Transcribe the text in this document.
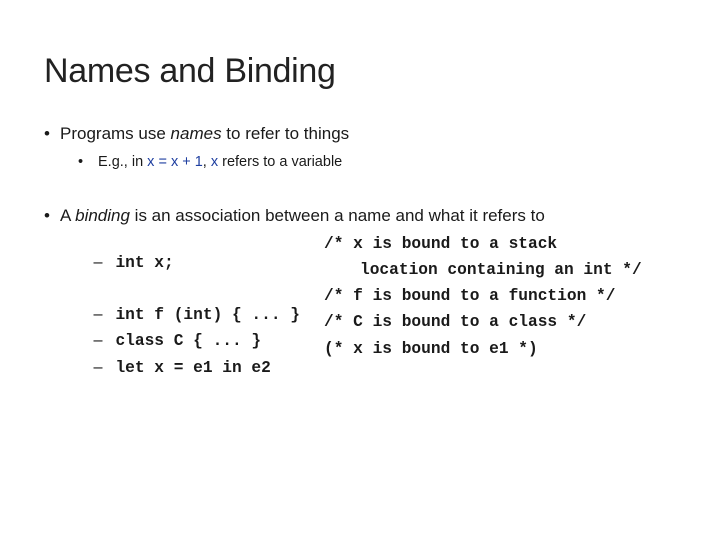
Names and Binding
• Programs use names to refer to things
• E.g., in x = x + 1, x refers to a variable
• A binding is an association between a name and what it refers to

– int x;

/* x is bound to a stack
location containing an int */

– int f (int) { ... }

/* f is bound to a function */

– class C { ... }

/* C is bound to a class */

– let x = e1 in e2

(* x is bound to e1 *)
